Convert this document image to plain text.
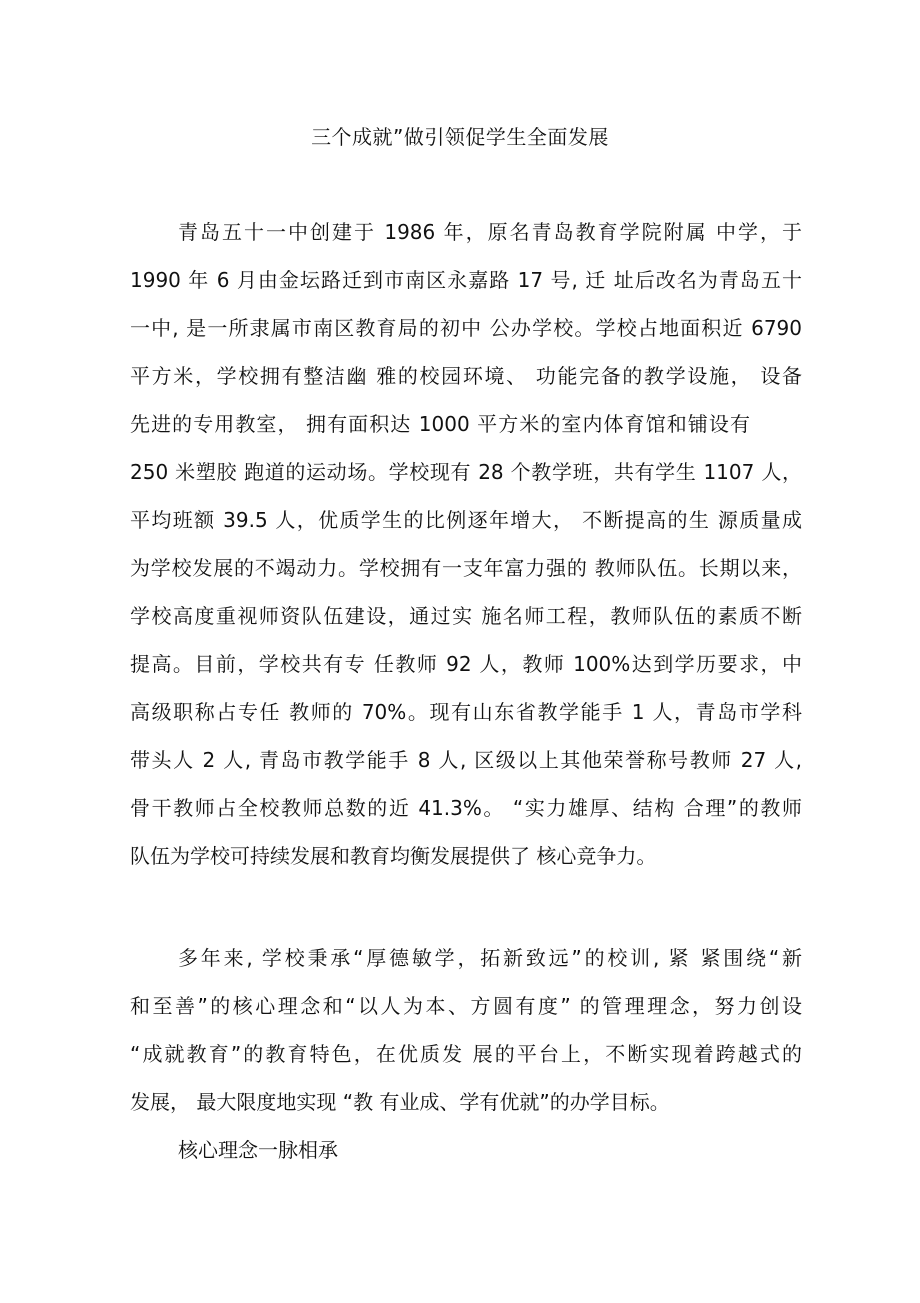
三个成就”做引领促学生全面发展

青岛五十一中创建于 1986 年，原名青岛教育学院附属 中学，于

1990 年 6 月由金坛路迁到市南区永嘉路 17 号, 迁 址后改名为青岛五十

一中, 是一所隶属市南区教育局的初中 公办学校。学校占地面积近 6790

平方米，学校拥有整洁幽 雅的校园环境、 功能完备的教学设施， 设备

先进的专用教室， 拥有面积达 1000 平方米的室内体育馆和铺设有

250 米塑胶 跑道的运动场。学校现有 28 个教学班，共有学生 1107 人，

平均班额 39.5 人，优质学生的比例逐年增大， 不断提高的生 源质量成

为学校发展的不竭动力。学校拥有一支年富力强的 教师队伍。长期以来，

学校高度重视师资队伍建设，通过实 施名师工程，教师队伍的素质不断

提高。目前，学校共有专 任教师 92 人，教师 100%达到学历要求，中

高级职称占专任 教师的 70%。现有山东省教学能手 1 人，青岛市学科

带头人 2 人, 青岛市教学能手 8 人, 区级以上其他荣誉称号教师 27 人,

骨干教师占全校教师总数的近 41.3%。 “实力雄厚、结构 合理”的教师

队伍为学校可持续发展和教育均衡发展提供了 核心竞争力。

多年来, 学校秉承“厚德敏学，拓新致远”的校训, 紧 紧围绕“新

和至善”的核心理念和“以人为本、方圆有度” 的管理理念，努力创设

“成就教育”的教育特色，在优质发 展的平台上，不断实现着跨越式的

发展， 最大限度地实现 “教 有业成、学有优就”的办学目标。

核心理念一脉相承
